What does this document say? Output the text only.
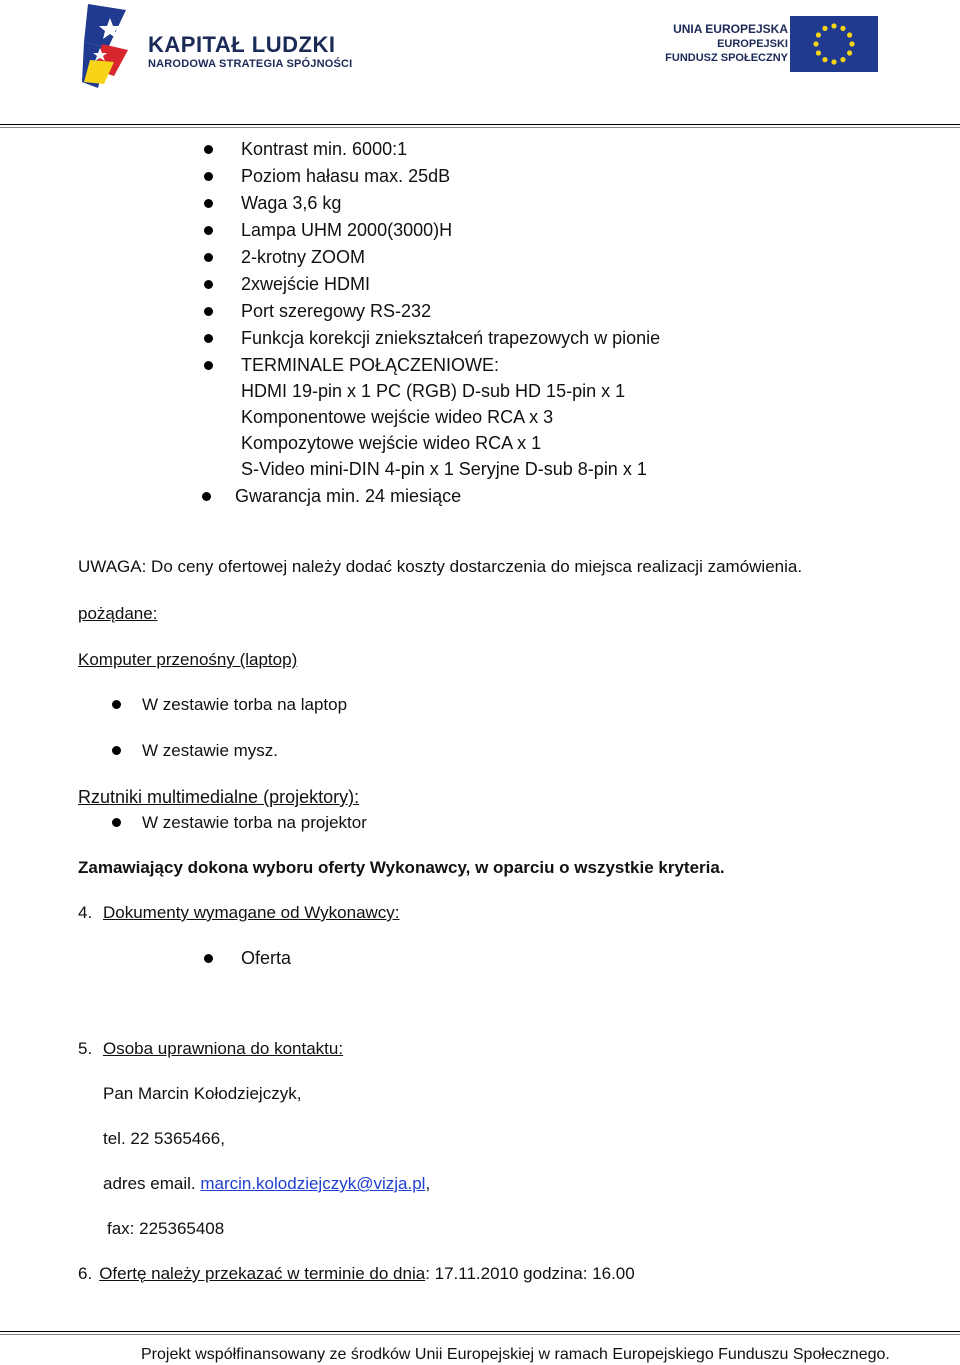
KAPITAŁ LUDZKI
NARODOWA STRATEGIA SPÓJNOŚCI
UNIA EUROPEJSKA
EUROPEJSKI
FUNDUSZ SPOŁECZNY
Kontrast min. 6000:1
Poziom hałasu max. 25dB
Waga 3,6 kg
Lampa UHM 2000(3000)H
2-krotny ZOOM
2xwejście HDMI
Port szeregowy RS-232
Funkcja korekcji zniekształceń trapezowych w pionie
TERMINALE POŁĄCZENIOWE:
HDMI 19-pin x 1 PC (RGB) D-sub HD 15-pin x 1
Komponentowe wejście wideo RCA x 3
Kompozytowe wejście wideo RCA x 1
S-Video mini-DIN 4-pin x 1 Seryjne D-sub 8-pin x 1
Gwarancja min. 24 miesiące
UWAGA: Do ceny ofertowej należy dodać koszty dostarczenia do miejsca realizacji zamówienia.
pożądane:
Komputer przenośny (laptop)
W zestawie torba na laptop
W zestawie mysz.
Rzutniki multimedialne (projektory):
W zestawie torba na projektor
Zamawiający dokona wyboru oferty Wykonawcy, w oparciu o wszystkie kryteria.
4. Dokumenty wymagane od Wykonawcy:
Oferta
5. Osoba uprawniona do kontaktu:
Pan Marcin Kołodziejczyk,
tel. 22 5365466,
adres email. marcin.kolodziejczyk@vizja.pl,
fax: 225365408
6. Ofertę należy przekazać w terminie do dnia: 17.11.2010 godzina: 16.00
Projekt współfinansowany ze środków Unii Europejskiej w ramach Europejskiego Funduszu Społecznego.
